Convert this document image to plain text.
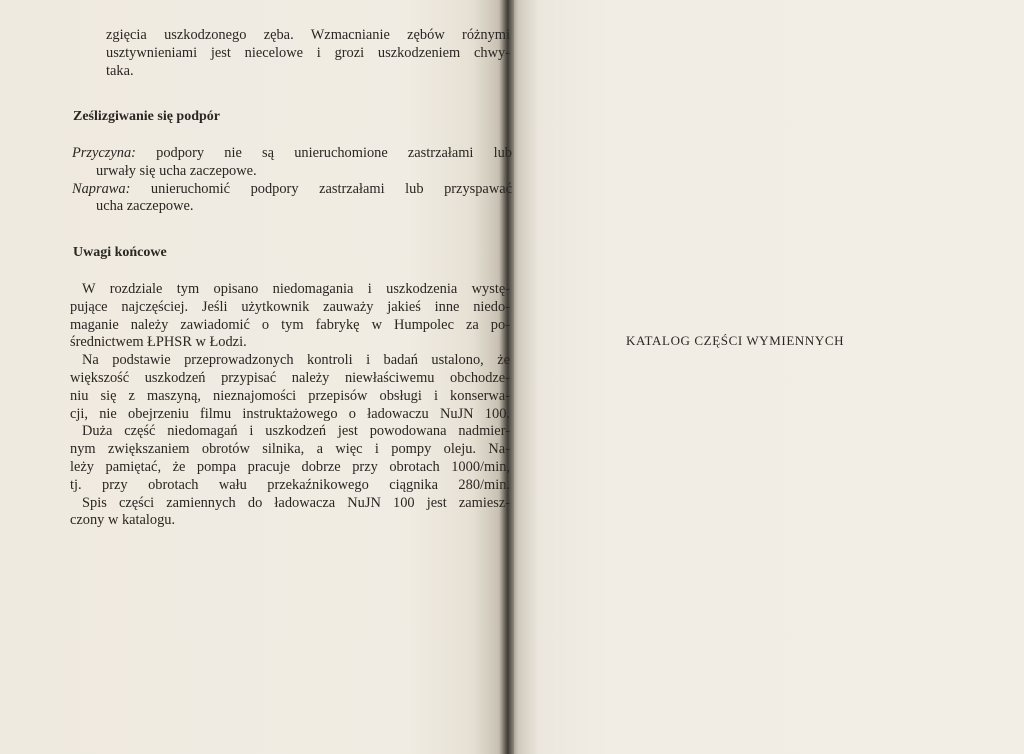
zgięcia uszkodzonego zęba. Wzmacnianie zębów różnymi

usztywnieniami jest niecelowe i grozi uszkodzeniem chwy-

taka.

Ześlizgiwanie się podpór

Przyczyna: podpory nie są unieruchomione zastrzałami lub

urwały się ucha zaczepowe.

Naprawa: unieruchomić podpory zastrzałami lub przyspawać

ucha zaczepowe.

Uwagi końcowe

W rozdziale tym opisano niedomagania i uszkodzenia wystę-

pujące najczęściej. Jeśli użytkownik zauważy jakieś inne niedo-

maganie należy zawiadomić o tym fabrykę w Humpolec za po-

średnictwem ŁPHSR w Łodzi.

Na podstawie przeprowadzonych kontroli i badań ustalono, że

większość uszkodzeń przypisać należy niewłaściwemu obchodze-

niu się z maszyną, nieznajomości przepisów obsługi i konserwa-

cji, nie obejrzeniu filmu instruktażowego o ładowaczu NuJN 100.

Duża część niedomagań i uszkodzeń jest powodowana nadmier-

nym zwiększaniem obrotów silnika, a więc i pompy oleju. Na-

leży pamiętać, że pompa pracuje dobrze przy obrotach 1000/min,

tj. przy obrotach wału przekaźnikowego ciągnika 280/min.

Spis części zamiennych do ładowacza NuJN 100 jest zamiesz-

czony w katalogu.

KATALOG CZĘŚCI WYMIENNYCH
